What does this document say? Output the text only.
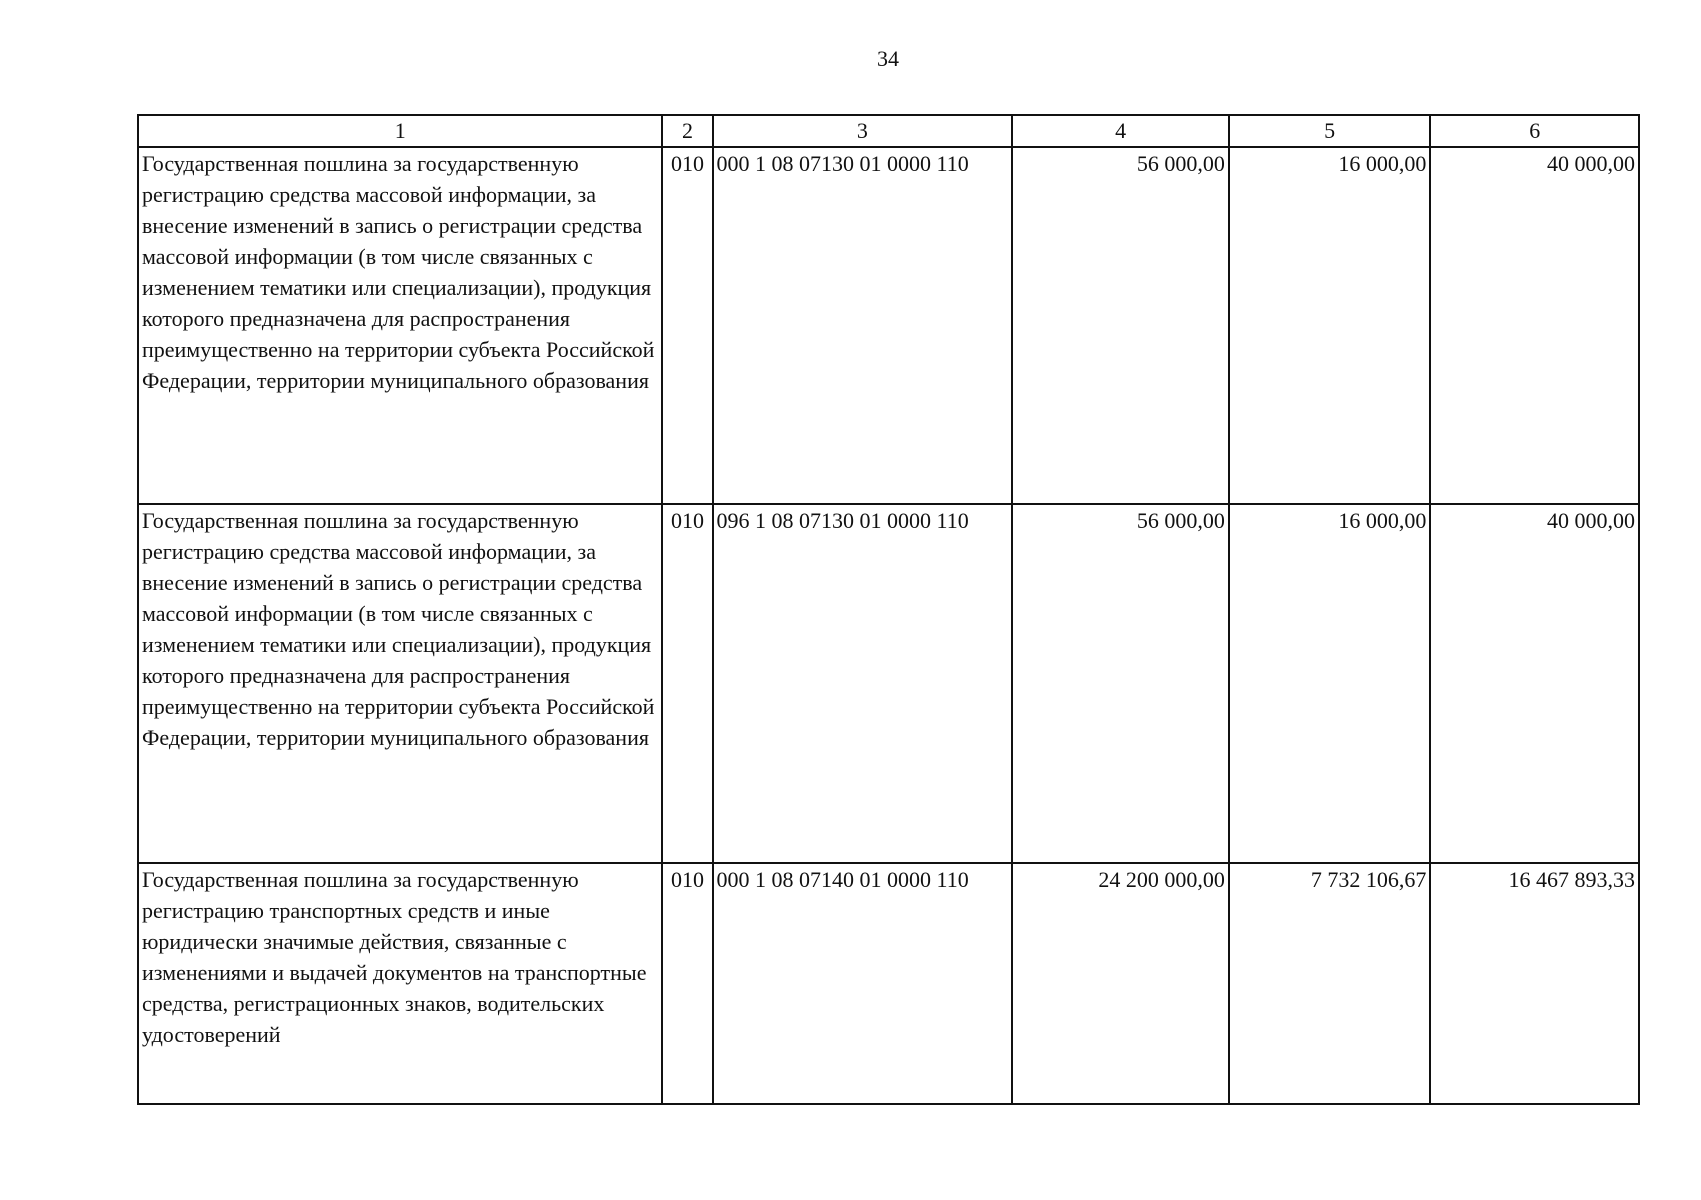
34
1	2	3	4	5	6
Государственная пошлина за государственную регистрацию средства массовой информации, за внесение изменений в запись о регистрации средства массовой информации (в том числе связанных с изменением тематики или специализации), продукция которого предназначена для распространения преимущественно на территории субъекта Российской Федерации, территории муниципального образования	010	000 1 08 07130 01 0000 110	56 000,00	16 000,00	40 000,00
Государственная пошлина за государственную регистрацию средства массовой информации, за внесение изменений в запись о регистрации средства массовой информации (в том числе связанных с изменением тематики или специализации), продукция которого предназначена для распространения преимущественно на территории субъекта Российской Федерации, территории муниципального образования	010	096 1 08 07130 01 0000 110	56 000,00	16 000,00	40 000,00
Государственная пошлина за государственную регистрацию транспортных средств и иные юридически значимые действия, связанные с изменениями и выдачей документов на транспортные средства, регистрационных знаков, водительских удостоверений	010	000 1 08 07140 01 0000 110	24 200 000,00	7 732 106,67	16 467 893,33
